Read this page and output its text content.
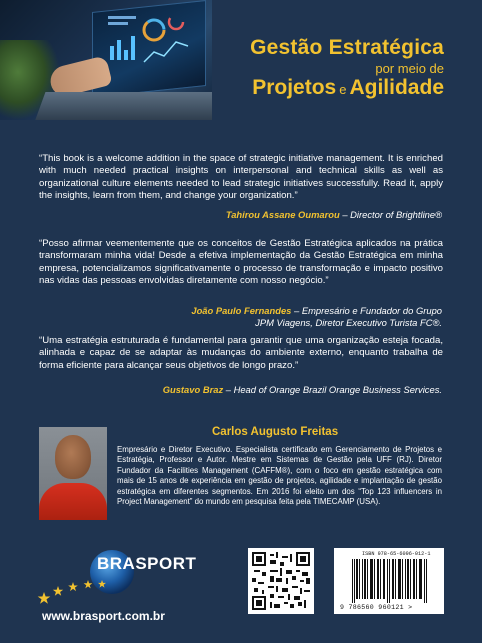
Gestão Estratégica
por meio de
Projetos e Agilidade
“This book is a welcome addition in the space of strategic initiative management. It is enriched with much needed practical insights on interpersonal and technical skills as well as organizational culture elements needed to lead strategic initiatives successfully. Read it, apply the insights, learn from them, and change your organization.”
Tahirou Assane Oumarou – Director of Brightline®
“Posso afirmar veementemente que os conceitos de Gestão Estratégica aplicados na prática transformaram minha vida! Desde a efetiva implementação da Gestão Estratégica em minha empresa, potencializamos significativamente o processo de transformação e impacto positivo nas vidas das pessoas envolvidas diretamente com nosso negócio.”
João Paulo Fernandes – Empresário e Fundador do Grupo
JPM Viagens, Diretor Executivo Turista FC®.
“Uma estratégia estruturada é fundamental para garantir que uma organização esteja focada, alinhada e capaz de se adaptar às mudanças do ambiente externo, enquanto trabalha de forma eficiente para alcançar seus objetivos de longo prazo.”
Gustavo Braz – Head of Orange Brazil Orange Business Services.
Carlos Augusto Freitas
Empresário e Diretor Executivo. Especialista certificado em Gerenciamento de Projetos e Estratégia, Professor e Autor. Mestre em Sistemas de Gestão pela UFF (RJ). Diretor Fundador da Facilities Management (CAFFM®), com o foco em gestão estratégica com mais de 15 anos de experiência em gestão de projetos, agilidade e implantação de gestão estratégica em diferentes segmentos. Em 2016 foi eleito um dos “Top 123 influencers in Project Management” do mundo em pesquisa feita pela TIMECAMP (USA).
BRASPORT
www.brasport.com.br
ISBN 978-65-6096-012-1
9 786560 960121 >
